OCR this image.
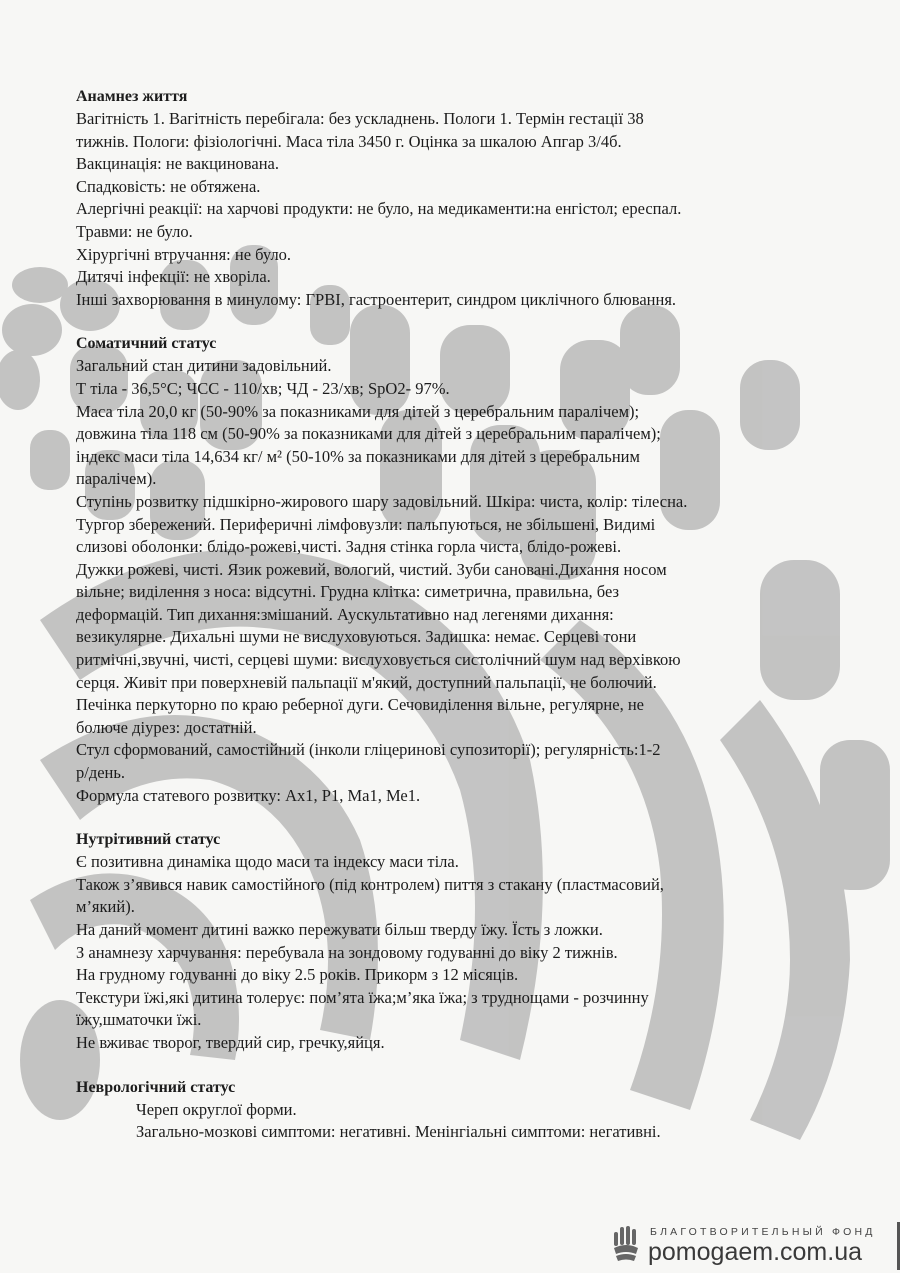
Анамнез життя

Вагітність 1. Вагітність перебігала: без ускладнень. Пологи 1. Термін гестації 38

тижнів. Пологи: фізіологічні. Маса тіла 3450 г. Оцінка за шкалою Апгар 3/4б.

Вакцинація: не вакцинована.

Спадковість: не обтяжена.

Алергічні реакції: на харчові продукти: не було, на медикаменти:на енгістол; ереспал.

Травми: не було.

Хірургічні втручання: не було.

Дитячі інфекції: не хворіла.

Інші захворювання в минулому: ГРВІ, гастроентерит, синдром циклічного блювання.

Соматичний статус

Загальний стан дитини задовільний.

Т тіла - 36,5°С; ЧСС - 110/хв; ЧД - 23/хв; SpO2- 97%.

Маса тіла 20,0 кг (50-90% за показниками для дітей з церебральним паралічем);

довжина тіла 118 см (50-90% за показниками для дітей з церебральним паралічем);

індекс маси тіла 14,634 кг/ м² (50-10% за показниками для дітей з церебральним

паралічем).

Ступінь розвитку підшкірно-жирового шару задовільний. Шкіра: чиста, колір: тілесна.

Тургор збережений. Периферичні лімфовузли: пальпуються, не збільшені, Видимі

слизові оболонки: блідо-рожеві,чисті. Задня стінка горла чиста, блідо-рожеві.

Дужки рожеві, чисті. Язик рожевий, вологий, чистий. Зуби сановані.Дихання носом

вільне; виділення з носа: відсутні. Грудна клітка: симетрична, правильна, без

деформацій. Тип дихання:змішаний. Аускультативно над легенями дихання:

везикулярне. Дихальні шуми не вислуховуються. Задишка: немає. Серцеві тони

ритмічні,звучні, чисті, серцеві шуми: вислуховується систолічний шум над верхівкою

серця. Живіт при поверхневій пальпації м'який, доступний пальпації, не болючий.

Печінка перкуторно по краю реберної дуги. Сечовиділення вільне, регулярне, не

болюче діурез: достатній.

Стул сформований, самостійний (інколи гліцеринові супозиторії); регулярність:1-2

р/день.

Формула статевого розвитку: Ах1, Р1, Ма1, Ме1.

Нутрітивний статус

Є позитивна динаміка щодо маси та індексу маси тіла.

Також з’явився навик самостійного (під контролем) пиття з стакану (пластмасовий,

м’який).

На даний момент дитині важко пережувати більш тверду їжу. Їсть з ложки.

З анамнезу харчування: перебувала на зондовому годуванні до віку 2 тижнів.

На грудному годуванні до віку 2.5 років. Прикорм з 12 місяців.

Текстури їжі,які дитина толерує: пом’ята їжа;м’яка їжа; з труднощами - розчинну

їжу,шматочки їжі.

Не вживає творог, твердий сир, гречку,яйця.

Неврологічний статус

Череп округлої форми.

Загально-мозкові симптоми: негативні. Менінгіальні симптоми: негативні.

БЛАГОТВОРИТЕЛЬНЫЙ ФОНД
pomogaem.com.ua
